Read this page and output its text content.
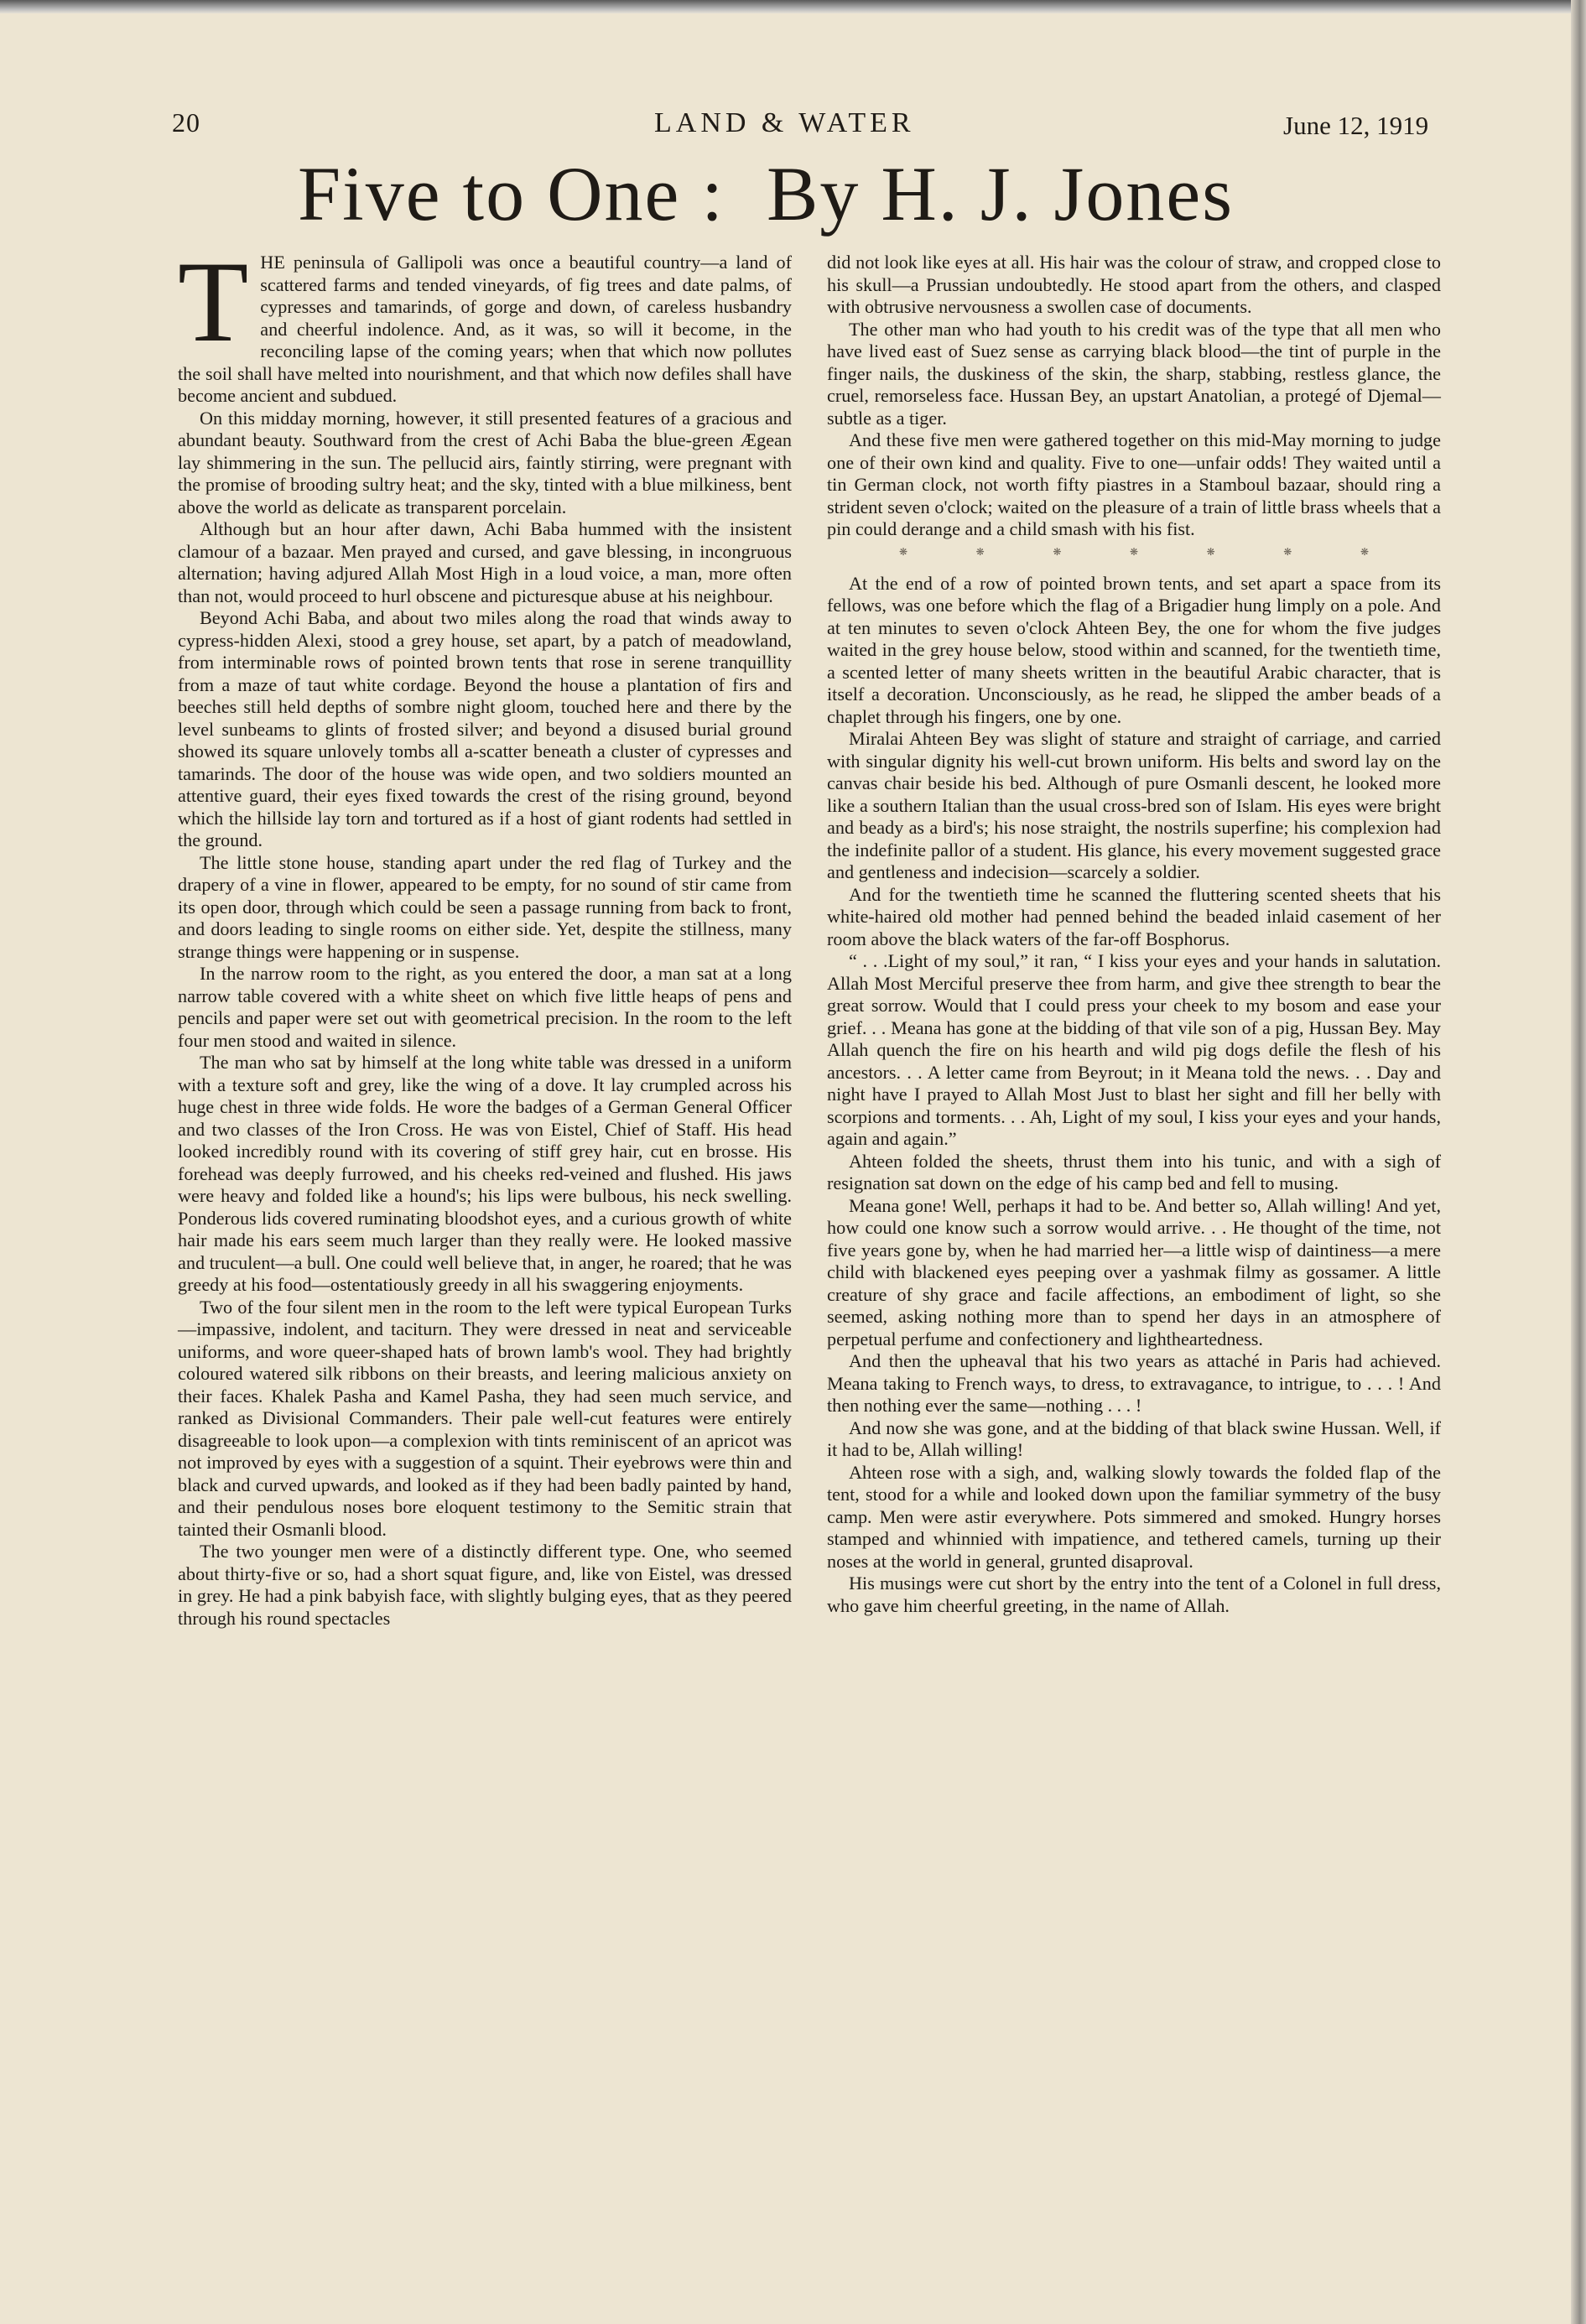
20	LAND & WATER	June 12, 1919
Five to One :  By H. J. Jones
T HE peninsula of Gallipoli was once a beautiful country—a land of scattered farms and tended vineyards, of fig trees and date palms, of cypresses and tamarinds, of gorge and down, of careless husbandry and cheerful indolence. And, as it was, so will it become, in the reconciling lapse of the coming years; when that which now pollutes the soil shall have melted into nourishment, and that which now defiles shall have become ancient and subdued.

On this midday morning, however, it still presented features of a gracious and abundant beauty. Southward from the crest of Achi Baba the blue-green Ægean lay shimmering in the sun. The pellucid airs, faintly stirring, were pregnant with the promise of brooding sultry heat; and the sky, tinted with a blue milkiness, bent above the world as delicate as transparent porcelain.

Although but an hour after dawn, Achi Baba hummed with the insistent clamour of a bazaar. Men prayed and cursed, and gave blessing, in incongruous alternation; having adjured Allah Most High in a loud voice, a man, more often than not, would proceed to hurl obscene and picturesque abuse at his neighbour.

Beyond Achi Baba, and about two miles along the road that winds away to cypress-hidden Alexi, stood a grey house, set apart, by a patch of meadowland, from interminable rows of pointed brown tents that rose in serene tranquillity from a maze of taut white cordage. Beyond the house a plantation of firs and beeches still held depths of sombre night gloom, touched here and there by the level sunbeams to glints of frosted silver; and beyond a disused burial ground showed its square unlovely tombs all a-scatter beneath a cluster of cypresses and tamarinds. The door of the house was wide open, and two soldiers mounted an attentive guard, their eyes fixed towards the crest of the rising ground, beyond which the hillside lay torn and tortured as if a host of giant rodents had settled in the ground.

The little stone house, standing apart under the red flag of Turkey and the drapery of a vine in flower, appeared to be empty, for no sound of stir came from its open door, through which could be seen a passage running from back to front, and doors leading to single rooms on either side. Yet, despite the stillness, many strange things were happening or in suspense.

In the narrow room to the right, as you entered the door, a man sat at a long narrow table covered with a white sheet on which five little heaps of pens and pencils and paper were set out with geometrical precision. In the room to the left four men stood and waited in silence.

The man who sat by himself at the long white table was dressed in a uniform with a texture soft and grey, like the wing of a dove. It lay crumpled across his huge chest in three wide folds. He wore the badges of a German General Officer and two classes of the Iron Cross. He was von Eistel, Chief of Staff. His head looked incredibly round with its covering of stiff grey hair, cut en brosse. His forehead was deeply furrowed, and his cheeks red-veined and flushed. His jaws were heavy and folded like a hound's; his lips were bulbous, his neck swelling. Ponderous lids covered ruminating bloodshot eyes, and a curious growth of white hair made his ears seem much larger than they really were. He looked massive and truculent—a bull. One could well believe that, in anger, he roared; that he was greedy at his food—ostentatiously greedy in all his swaggering enjoyments.

Two of the four silent men in the room to the left were typical European Turks—impassive, indolent, and taciturn. They were dressed in neat and serviceable uniforms, and wore queer-shaped hats of brown lamb's wool. They had brightly coloured watered silk ribbons on their breasts, and leering malicious anxiety on their faces. Khalek Pasha and Kamel Pasha, they had seen much service, and ranked as Divisional Commanders. Their pale well-cut features were entirely disagreeable to look upon—a complexion with tints reminiscent of an apricot was not improved by eyes with a suggestion of a squint. Their eyebrows were thin and black and curved upwards, and looked as if they had been badly painted by hand, and their pendulous noses bore eloquent testimony to the Semitic strain that tainted their Osmanli blood.

The two younger men were of a distinctly different type. One, who seemed about thirty-five or so, had a short squat figure, and, like von Eistel, was dressed in grey. He had a pink babyish face, with slightly bulging eyes, that as they peered through his round spectacles

did not look like eyes at all. His hair was the colour of straw, and cropped close to his skull—a Prussian undoubtedly. He stood apart from the others, and clasped with obtrusive nervousness a swollen case of documents.

The other man who had youth to his credit was of the type that all men who have lived east of Suez sense as carrying black blood—the tint of purple in the finger nails, the duskiness of the skin, the sharp, stabbing, restless glance, the cruel, remorseless face. Hussan Bey, an upstart Anatolian, a protegé of Djemal—subtle as a tiger.

And these five men were gathered together on this mid-May morning to judge one of their own kind and quality. Five to one—unfair odds! They waited until a tin German clock, not worth fifty piastres in a Stamboul bazaar, should ring a strident seven o'clock; waited on the pleasure of a train of little brass wheels that a pin could derange and a child smash with his fist.

❋	❋	❋	❋	❋	❋	❋

At the end of a row of pointed brown tents, and set apart a space from its fellows, was one before which the flag of a Brigadier hung limply on a pole. And at ten minutes to seven o'clock Ahteen Bey, the one for whom the five judges waited in the grey house below, stood within and scanned, for the twentieth time, a scented letter of many sheets written in the beautiful Arabic character, that is itself a decoration. Unconsciously, as he read, he slipped the amber beads of a chaplet through his fingers, one by one.

Miralai Ahteen Bey was slight of stature and straight of carriage, and carried with singular dignity his well-cut brown uniform. His belts and sword lay on the canvas chair beside his bed. Although of pure Osmanli descent, he looked more like a southern Italian than the usual cross-bred son of Islam. His eyes were bright and beady as a bird's; his nose straight, the nostrils superfine; his complexion had the indefinite pallor of a student. His glance, his every movement suggested grace and gentleness and indecision—scarcely a soldier.

And for the twentieth time he scanned the fluttering scented sheets that his white-haired old mother had penned behind the beaded inlaid casement of her room above the black waters of the far-off Bosphorus.

“ . . .Light of my soul,” it ran, “ I kiss your eyes and your hands in salutation. Allah Most Merciful preserve thee from harm, and give thee strength to bear the great sorrow. Would that I could press your cheek to my bosom and ease your grief. . . Meana has gone at the bidding of that vile son of a pig, Hussan Bey. May Allah quench the fire on his hearth and wild pig dogs defile the flesh of his ancestors. . . A letter came from Beyrout; in it Meana told the news. . . Day and night have I prayed to Allah Most Just to blast her sight and fill her belly with scorpions and torments. . . Ah, Light of my soul, I kiss your eyes and your hands, again and again.”

Ahteen folded the sheets, thrust them into his tunic, and with a sigh of resignation sat down on the edge of his camp bed and fell to musing.

Meana gone! Well, perhaps it had to be. And better so, Allah willing! And yet, how could one know such a sorrow would arrive. . . He thought of the time, not five years gone by, when he had married her—a little wisp of daintiness—a mere child with blackened eyes peeping over a yashmak filmy as gossamer. A little creature of shy grace and facile affections, an embodiment of light, so she seemed, asking nothing more than to spend her days in an atmosphere of perpetual perfume and confectionery and lightheartedness.

And then the upheaval that his two years as attaché in Paris had achieved. Meana taking to French ways, to dress, to extravagance, to intrigue, to . . . ! And then nothing ever the same—nothing . . . !

And now she was gone, and at the bidding of that black swine Hussan. Well, if it had to be, Allah willing!

Ahteen rose with a sigh, and, walking slowly towards the folded flap of the tent, stood for a while and looked down upon the familiar symmetry of the busy camp. Men were astir everywhere. Pots simmered and smoked. Hungry horses stamped and whinnied with impatience, and tethered camels, turning up their noses at the world in general, grunted disaproval.

His musings were cut short by the entry into the tent of a Colonel in full dress, who gave him cheerful greeting, in the name of Allah.
